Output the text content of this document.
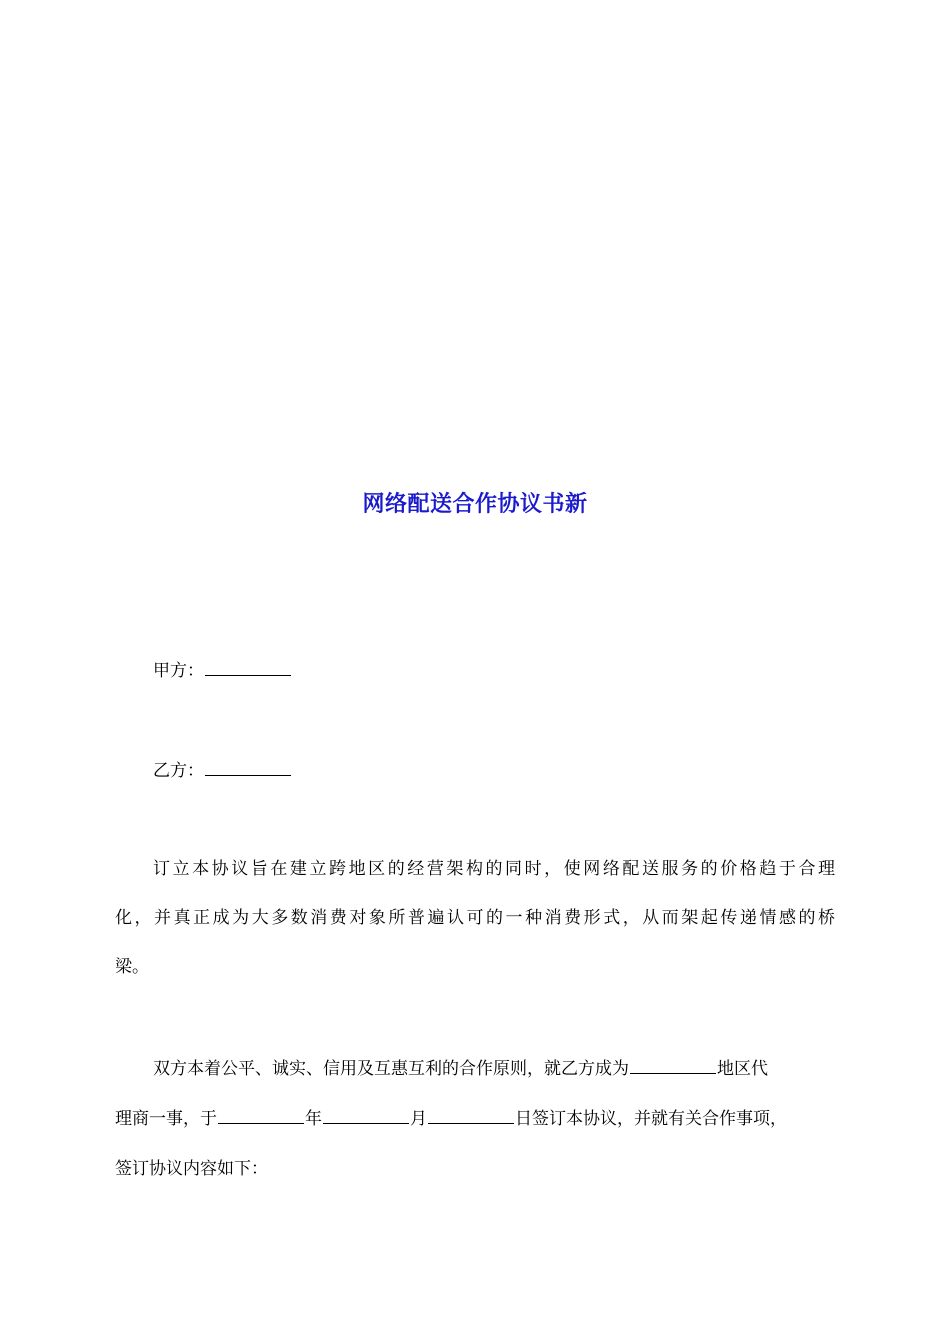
网络配送合作协议书新
甲方：
乙方：
订立本协议旨在建立跨地区的经营架构的同时，使网络配送服务的价格趋于合理
化，并真正成为大多数消费对象所普遍认可的一种消费形式，从而架起传递情感的桥
梁。
双方本着公平、诚实、信用及互惠互利的合作原则，就乙方成为	地区代
理商一事，于	年	月	日签订本协议，并就有关合作事项，
签订协议内容如下：
